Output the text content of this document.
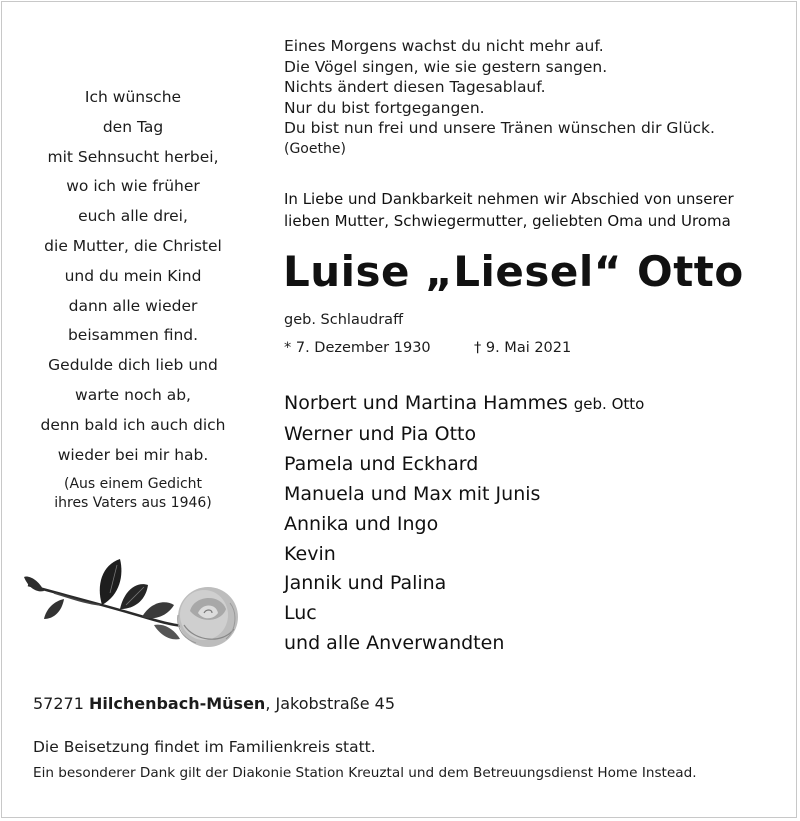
Ich wünsche
den Tag
mit Sehnsucht herbei,
wo ich wie früher
euch alle drei,
die Mutter, die Christel
und du mein Kind
dann alle wieder
beisammen find.
Gedulde dich lieb und
warte noch ab,
denn bald ich auch dich
wieder bei mir hab.
(Aus einem Gedicht
ihres Vaters aus 1946)
Eines Morgens wachst du nicht mehr auf.
Die Vögel singen, wie sie gestern sangen.
Nichts ändert diesen Tagesablauf.
Nur du bist fortgegangen.
Du bist nun frei und unsere Tränen wünschen dir Glück.
(Goethe)
In Liebe und Dankbarkeit nehmen wir Abschied von unserer
lieben Mutter, Schwiegermutter, geliebten Oma und Uroma
Luise „Liesel“ Otto
geb. Schlaudraff
* 7. Dezember 1930	† 9. Mai 2021
Norbert und Martina Hammes geb. Otto
Werner und Pia Otto
Pamela und Eckhard
Manuela und Max mit Junis
Annika und Ingo
Kevin
Jannik und Palina
Luc
und alle Anverwandten
57271 Hilchenbach-Müsen, Jakobstraße 45
Die Beisetzung findet im Familienkreis statt.
Ein besonderer Dank gilt der Diakonie Station Kreuztal und dem Betreuungsdienst Home Instead.
